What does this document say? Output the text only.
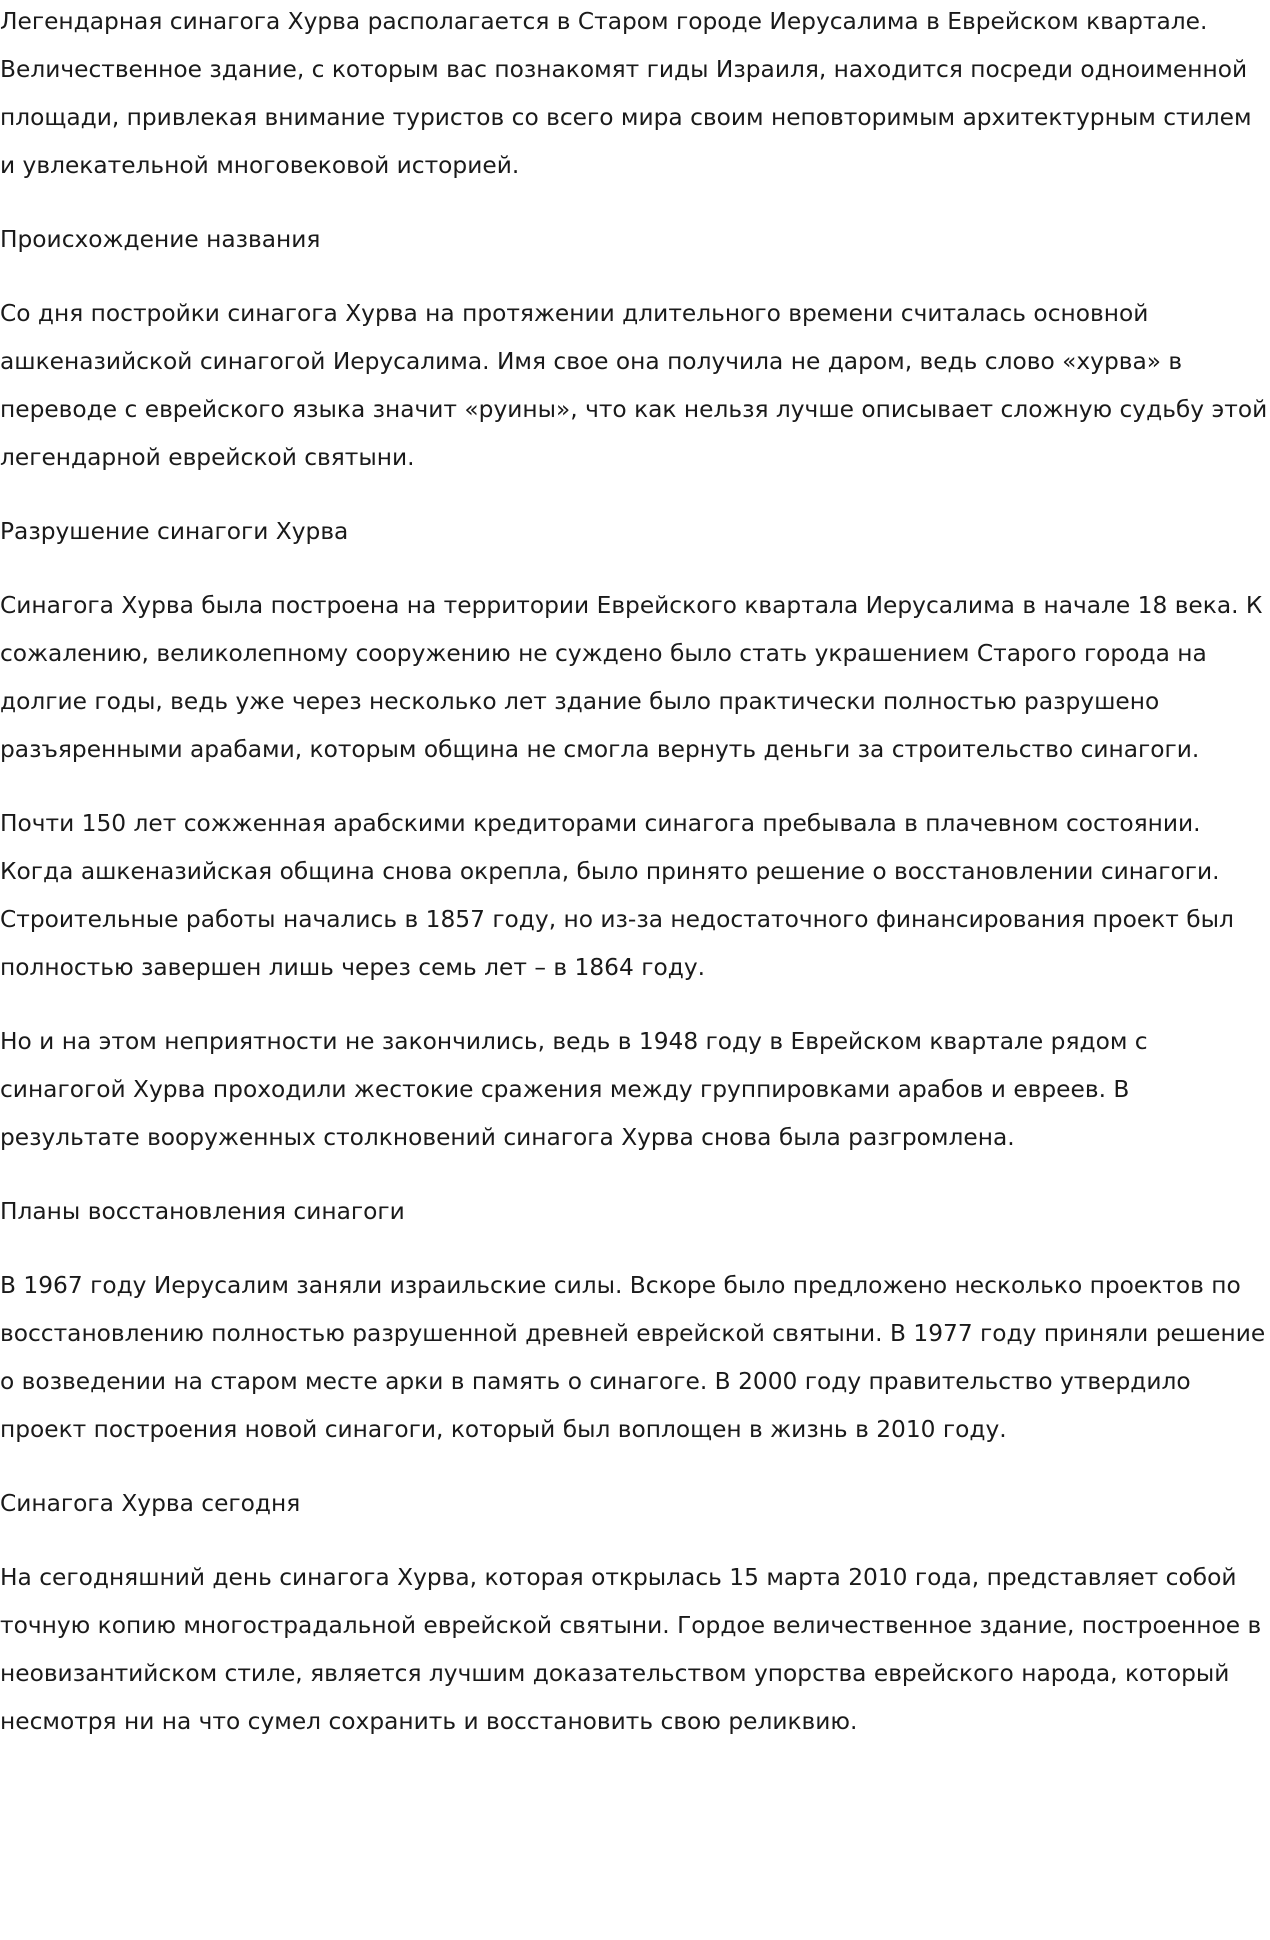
Легендарная синагога Хурва располагается в Старом городе Иерусалима в Еврейском квартале. Величественное здание, с которым вас познакомят гиды Израиля, находится посреди одноименной площади, привлекая внимание туристов со всего мира своим неповторимым архитектурным стилем и увлекательной многовековой историей.

Происхождение названия

Со дня постройки синагога Хурва на протяжении длительного времени считалась основной ашкеназийской синагогой Иерусалима. Имя свое она получила не даром, ведь слово «хурва» в переводе с еврейского языка значит «руины», что как нельзя лучше описывает сложную судьбу этой легендарной еврейской святыни.

Разрушение синагоги Хурва

Синагога Хурва была построена на территории Еврейского квартала Иерусалима в начале 18 века. К сожалению, великолепному сооружению не суждено было стать украшением Старого города на долгие годы, ведь уже через несколько лет здание было практически полностью разрушено разъяренными арабами, которым община не смогла вернуть деньги за строительство синагоги.

Почти 150 лет сожженная арабскими кредиторами синагога пребывала в плачевном состоянии. Когда ашкеназийская община снова окрепла, было принято решение о восстановлении синагоги. Строительные работы начались в 1857 году, но из-за недостаточного финансирования проект был полностью завершен лишь через семь лет – в 1864 году.

Но и на этом неприятности не закончились, ведь в 1948 году в Еврейском квартале рядом с синагогой Хурва проходили жестокие сражения между группировками арабов и евреев. В результате вооруженных столкновений синагога Хурва снова была разгромлена.

Планы восстановления синагоги

В 1967 году Иерусалим заняли израильские силы. Вскоре было предложено несколько проектов по восстановлению полностью разрушенной древней еврейской святыни. В 1977 году приняли решение о возведении на старом месте арки в память о синагоге. В 2000 году правительство утвердило проект построения новой синагоги, который был воплощен в жизнь в 2010 году.

Синагога Хурва сегодня

На сегодняшний день синагога Хурва, которая открылась 15 марта 2010 года, представляет собой точную копию многострадальной еврейской святыни. Гордое величественное здание, построенное в неовизантийском стиле, является лучшим доказательством упорства еврейского народа, который несмотря ни на что сумел сохранить и восстановить свою реликвию.
